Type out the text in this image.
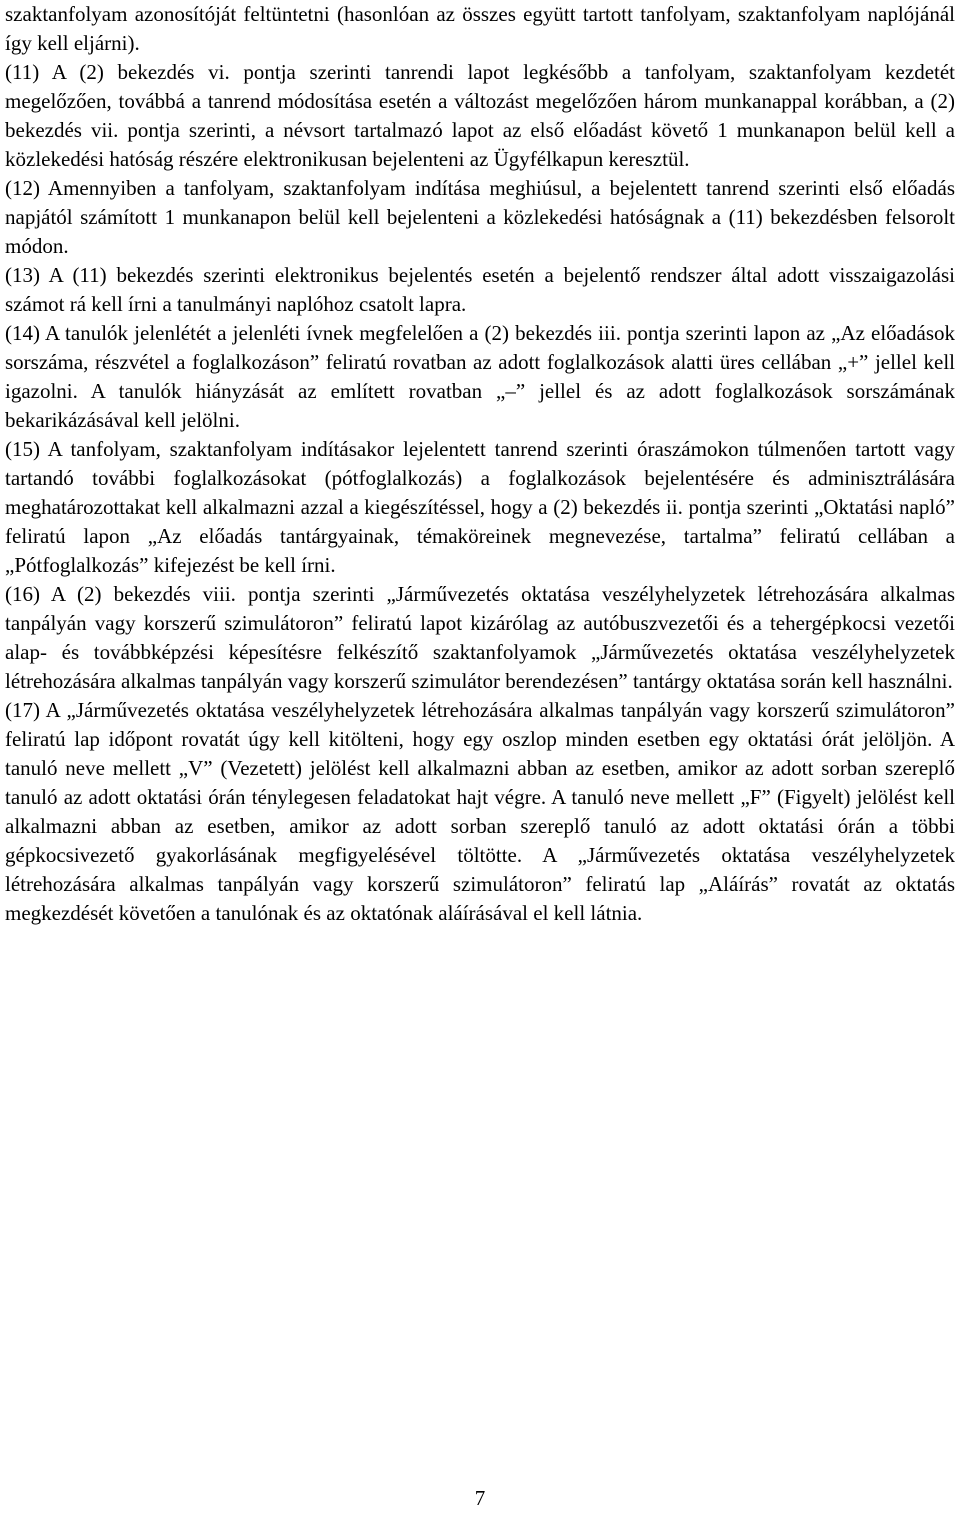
szaktanfolyam azonosítóját feltüntetni (hasonlóan az összes együtt tartott tanfolyam, szaktanfolyam naplójánál így kell eljárni).

(11) A (2) bekezdés vi. pontja szerinti tanrendi lapot legkésőbb a tanfolyam, szaktanfolyam kezdetét megelőzően, továbbá a tanrend módosítása esetén a változást megelőzően három munkanappal korábban, a (2) bekezdés vii. pontja szerinti, a névsort tartalmazó lapot az első előadást követő 1 munkanapon belül kell a közlekedési hatóság részére elektronikusan bejelenteni az Ügyfélkapun keresztül.

(12) Amennyiben a tanfolyam, szaktanfolyam indítása meghiúsul, a bejelentett tanrend szerinti első előadás napjától számított 1 munkanapon belül kell bejelenteni a közlekedési hatóságnak a (11) bekezdésben felsorolt módon.

(13) A (11) bekezdés szerinti elektronikus bejelentés esetén a bejelentő rendszer által adott visszaigazolási számot rá kell írni a tanulmányi naplóhoz csatolt lapra.

(14) A tanulók jelenlétét a jelenléti ívnek megfelelően a (2) bekezdés iii. pontja szerinti lapon az „Az előadások sorszáma, részvétel a foglalkozáson” feliratú rovatban az adott foglalkozások alatti üres cellában „+” jellel kell igazolni. A tanulók hiányzását az említett rovatban „–” jellel és az adott foglalkozások sorszámának bekarikázásával kell jelölni.

(15) A tanfolyam, szaktanfolyam indításakor lejelentett tanrend szerinti óraszámokon túlmenően tartott vagy tartandó további foglalkozásokat (pótfoglalkozás) a foglalkozások bejelentésére és adminisztrálására meghatározottakat kell alkalmazni azzal a kiegészítéssel, hogy a (2) bekezdés ii. pontja szerinti „Oktatási napló” feliratú lapon „Az előadás tantárgyainak, témaköreinek megnevezése, tartalma” feliratú cellában a „Pótfoglalkozás” kifejezést be kell írni.

(16) A (2) bekezdés viii. pontja szerinti „Járművezetés oktatása veszélyhelyzetek létrehozására alkalmas tanpályán vagy korszerű szimulátoron” feliratú lapot kizárólag az autóbuszvezetői és a tehergépkocsi vezetői alap- és továbbképzési képesítésre felkészítő szaktanfolyamok „Járművezetés oktatása veszélyhelyzetek létrehozására alkalmas tanpályán vagy korszerű szimulátor berendezésen” tantárgy oktatása során kell használni.

(17) A „Járművezetés oktatása veszélyhelyzetek létrehozására alkalmas tanpályán vagy korszerű szimulátoron” feliratú lap időpont rovatát úgy kell kitölteni, hogy egy oszlop minden esetben egy oktatási órát jelöljön. A tanuló neve mellett „V” (Vezetett) jelölést kell alkalmazni abban az esetben, amikor az adott sorban szereplő tanuló az adott oktatási órán ténylegesen feladatokat hajt végre. A tanuló neve mellett „F” (Figyelt) jelölést kell alkalmazni abban az esetben, amikor az adott sorban szereplő tanuló az adott oktatási órán a többi gépkocsivezető gyakorlásának megfigyelésével töltötte. A „Járművezetés oktatása veszélyhelyzetek létrehozására alkalmas tanpályán vagy korszerű szimulátoron” feliratú lap „Aláírás” rovatát az oktatás megkezdését követően a tanulónak és az oktatónak aláírásával el kell látnia.

7
